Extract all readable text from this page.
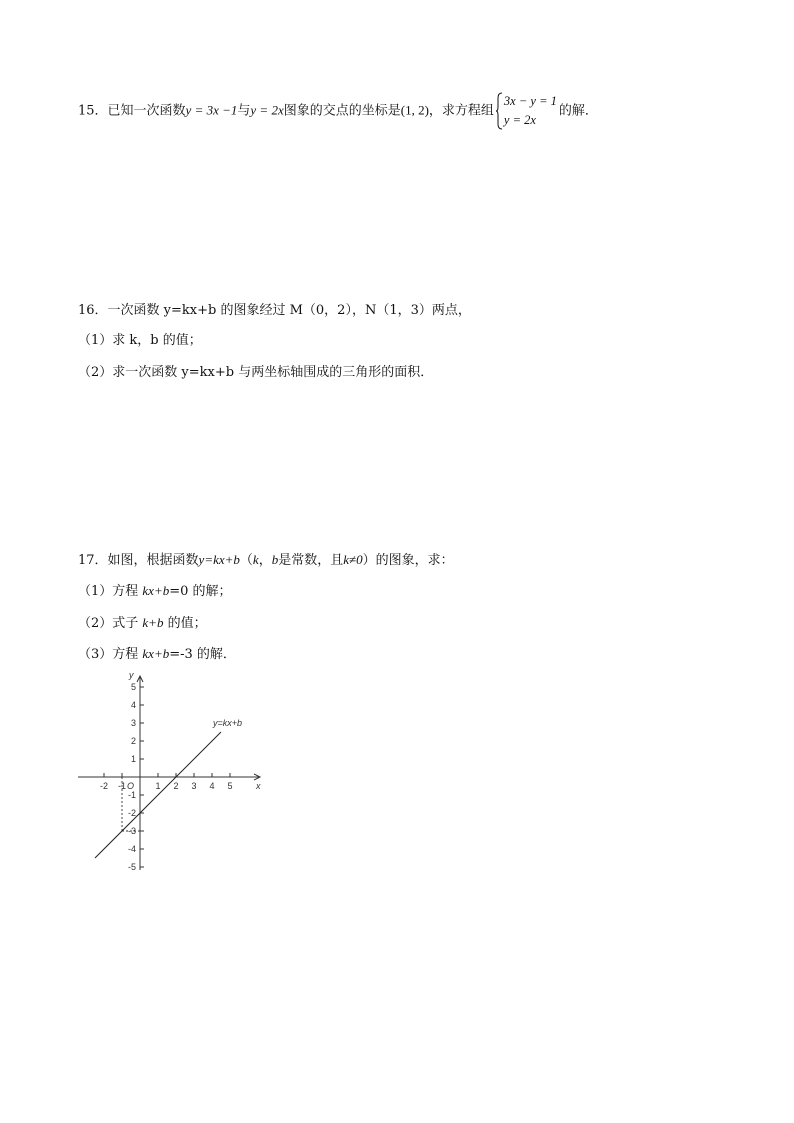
15．已知一次函数y = 3x −1与y = 2x图象的交点的坐标是(1, 2)，求方程组
3x − y = 1
y = 2x
的解．
16．一次函数 y=kx+b 的图象经过 M（0，2），N（1，3）两点，
（1）求 k，b 的值；
（2）求一次函数 y=kx+b 与两坐标轴围成的三角形的面积．
17．如图，根据函数y=kx+b（k，b是常数，且k≠0）的图象，求：
（1）方程 kx+b=0 的解；
（2）式子 k+b 的值；
（3）方程 kx+b=-3 的解．
x
y
O
-2 -1	1 2 3 4 5
5
4
3
2
1
-1
-2
-3
-4
-5
y=kx+b
